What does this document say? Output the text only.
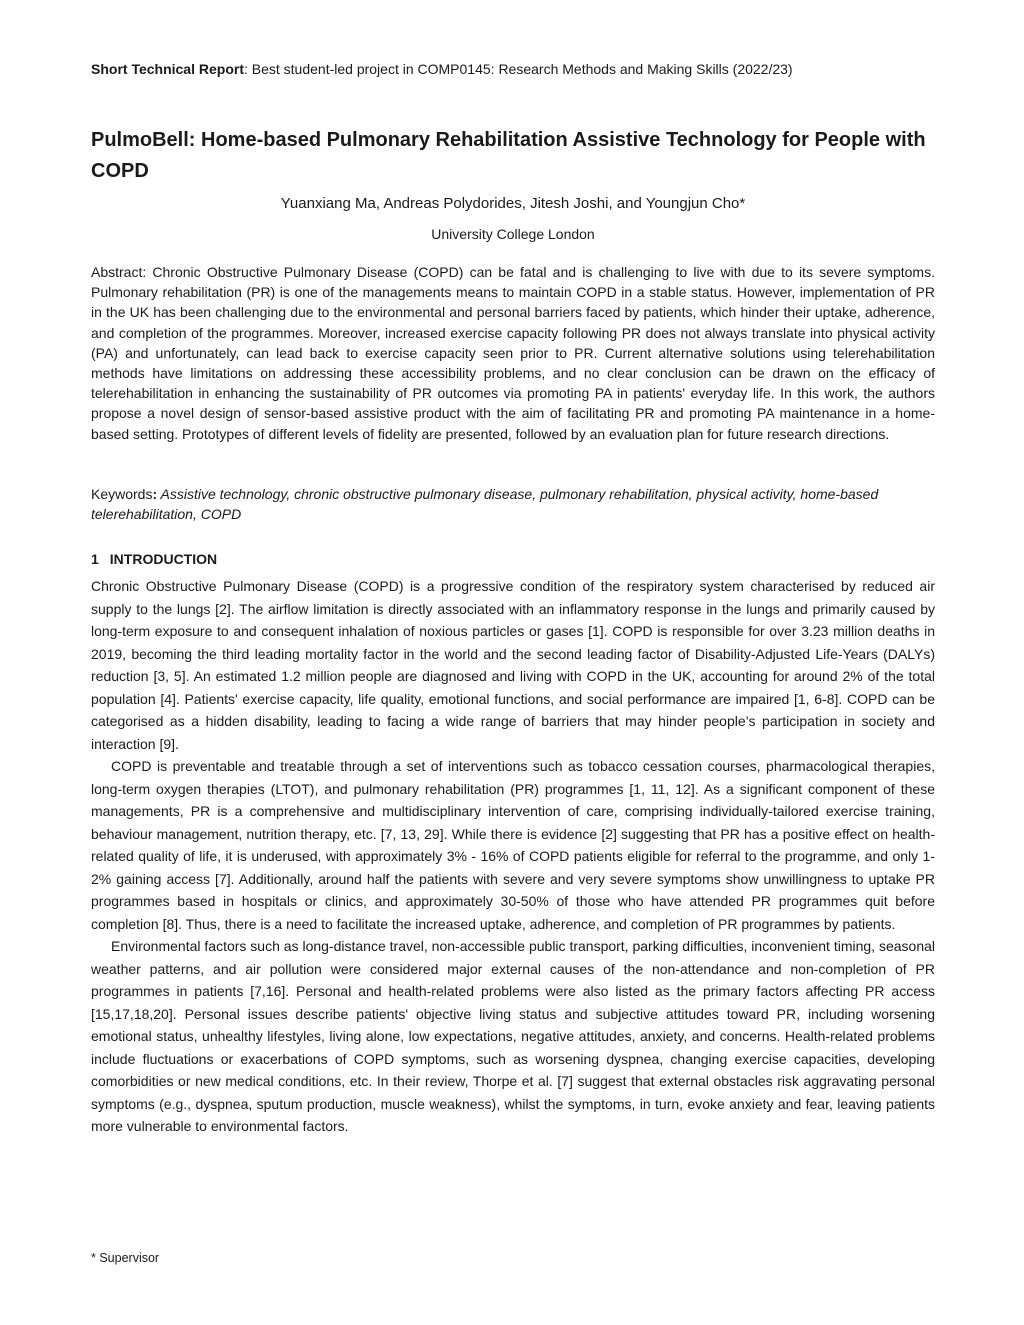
Short Technical Report: Best student-led project in COMP0145: Research Methods and Making Skills (2022/23)
PulmoBell: Home-based Pulmonary Rehabilitation Assistive Technology for People with COPD
Yuanxiang Ma, Andreas Polydorides, Jitesh Joshi, and Youngjun Cho*
University College London

Abstract: Chronic Obstructive Pulmonary Disease (COPD) can be fatal and is challenging to live with due to its severe symptoms. Pulmonary rehabilitation (PR) is one of the managements means to maintain COPD in a stable status. However, implementation of PR in the UK has been challenging due to the environmental and personal barriers faced by patients, which hinder their uptake, adherence, and completion of the programmes. Moreover, increased exercise capacity following PR does not always translate into physical activity (PA) and unfortunately, can lead back to exercise capacity seen prior to PR. Current alternative solutions using telerehabilitation methods have limitations on addressing these accessibility problems, and no clear conclusion can be drawn on the efficacy of telerehabilitation in enhancing the sustainability of PR outcomes via promoting PA in patients' everyday life. In this work, the authors propose a novel design of sensor-based assistive product with the aim of facilitating PR and promoting PA maintenance in a home-based setting. Prototypes of different levels of fidelity are presented, followed by an evaluation plan for future research directions.

Keywords: Assistive technology, chronic obstructive pulmonary disease, pulmonary rehabilitation, physical activity, home-based telerehabilitation, COPD

1 INTRODUCTION

Chronic Obstructive Pulmonary Disease (COPD) is a progressive condition of the respiratory system characterised by reduced air supply to the lungs [2]. The airflow limitation is directly associated with an inflammatory response in the lungs and primarily caused by long-term exposure to and consequent inhalation of noxious particles or gases [1]. COPD is responsible for over 3.23 million deaths in 2019, becoming the third leading mortality factor in the world and the second leading factor of Disability-Adjusted Life-Years (DALYs) reduction [3, 5]. An estimated 1.2 million people are diagnosed and living with COPD in the UK, accounting for around 2% of the total population [4]. Patients' exercise capacity, life quality, emotional functions, and social performance are impaired [1, 6-8]. COPD can be categorised as a hidden disability, leading to facing a wide range of barriers that may hinder people’s participation in society and interaction [9].

COPD is preventable and treatable through a set of interventions such as tobacco cessation courses, pharmacological therapies, long-term oxygen therapies (LTOT), and pulmonary rehabilitation (PR) programmes [1, 11, 12]. As a significant component of these managements, PR is a comprehensive and multidisciplinary intervention of care, comprising individually-tailored exercise training, behaviour management, nutrition therapy, etc. [7, 13, 29]. While there is evidence [2] suggesting that PR has a positive effect on health-related quality of life, it is underused, with approximately 3% - 16% of COPD patients eligible for referral to the programme, and only 1-2% gaining access [7]. Additionally, around half the patients with severe and very severe symptoms show unwillingness to uptake PR programmes based in hospitals or clinics, and approximately 30-50% of those who have attended PR programmes quit before completion [8]. Thus, there is a need to facilitate the increased uptake, adherence, and completion of PR programmes by patients.

Environmental factors such as long-distance travel, non-accessible public transport, parking difficulties, inconvenient timing, seasonal weather patterns, and air pollution were considered major external causes of the non-attendance and non-completion of PR programmes in patients [7,16]. Personal and health-related problems were also listed as the primary factors affecting PR access [15,17,18,20]. Personal issues describe patients' objective living status and subjective attitudes toward PR, including worsening emotional status, unhealthy lifestyles, living alone, low expectations, negative attitudes, anxiety, and concerns. Health-related problems include fluctuations or exacerbations of COPD symptoms, such as worsening dyspnea, changing exercise capacities, developing comorbidities or new medical conditions, etc. In their review, Thorpe et al. [7] suggest that external obstacles risk aggravating personal symptoms (e.g., dyspnea, sputum production, muscle weakness), whilst the symptoms, in turn, evoke anxiety and fear, leaving patients more vulnerable to environmental factors.

* Supervisor
